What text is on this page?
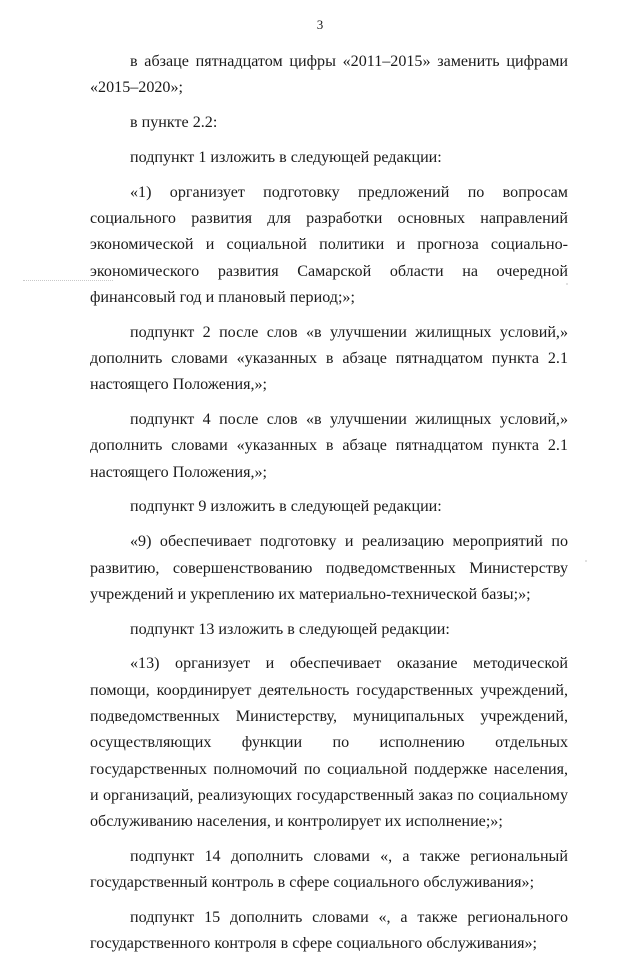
3

в абзаце пятнадцатом цифры «2011–2015» заменить цифрами «2015–2020»;

в пункте 2.2:

подпункт 1 изложить в следующей редакции:

«1) организует подготовку предложений по вопросам социального развития для разработки основных направлений экономической и социальной политики и прогноза социально-экономического развития Самарской области на очередной финансовый год и плановый период;»;

подпункт 2 после слов «в улучшении жилищных условий,» дополнить словами «указанных в абзаце пятнадцатом пункта 2.1 настоящего Положения,»;

подпункт 4 после слов «в улучшении жилищных условий,» дополнить словами «указанных в абзаце пятнадцатом пункта 2.1 настоящего Положения,»;

подпункт 9 изложить в следующей редакции:

«9) обеспечивает подготовку и реализацию мероприятий по развитию, совершенствованию подведомственных Министерству учреждений и укреплению их материально-технической базы;»;

подпункт 13 изложить в следующей редакции:

«13) организует и обеспечивает оказание методической помощи, координирует деятельность государственных учреждений, подведомственных Министерству, муниципальных учреждений, осуществляющих функции по исполнению отдельных государственных полномочий по социальной поддержке населения, и организаций, реализующих государственный заказ по социальному обслуживанию населения, и контролирует их исполнение;»;

подпункт 14 дополнить словами «, а также региональный государственный контроль в сфере социального обслуживания»;

подпункт 15 дополнить словами «, а также регионального государственного контроля в сфере социального обслуживания»;
